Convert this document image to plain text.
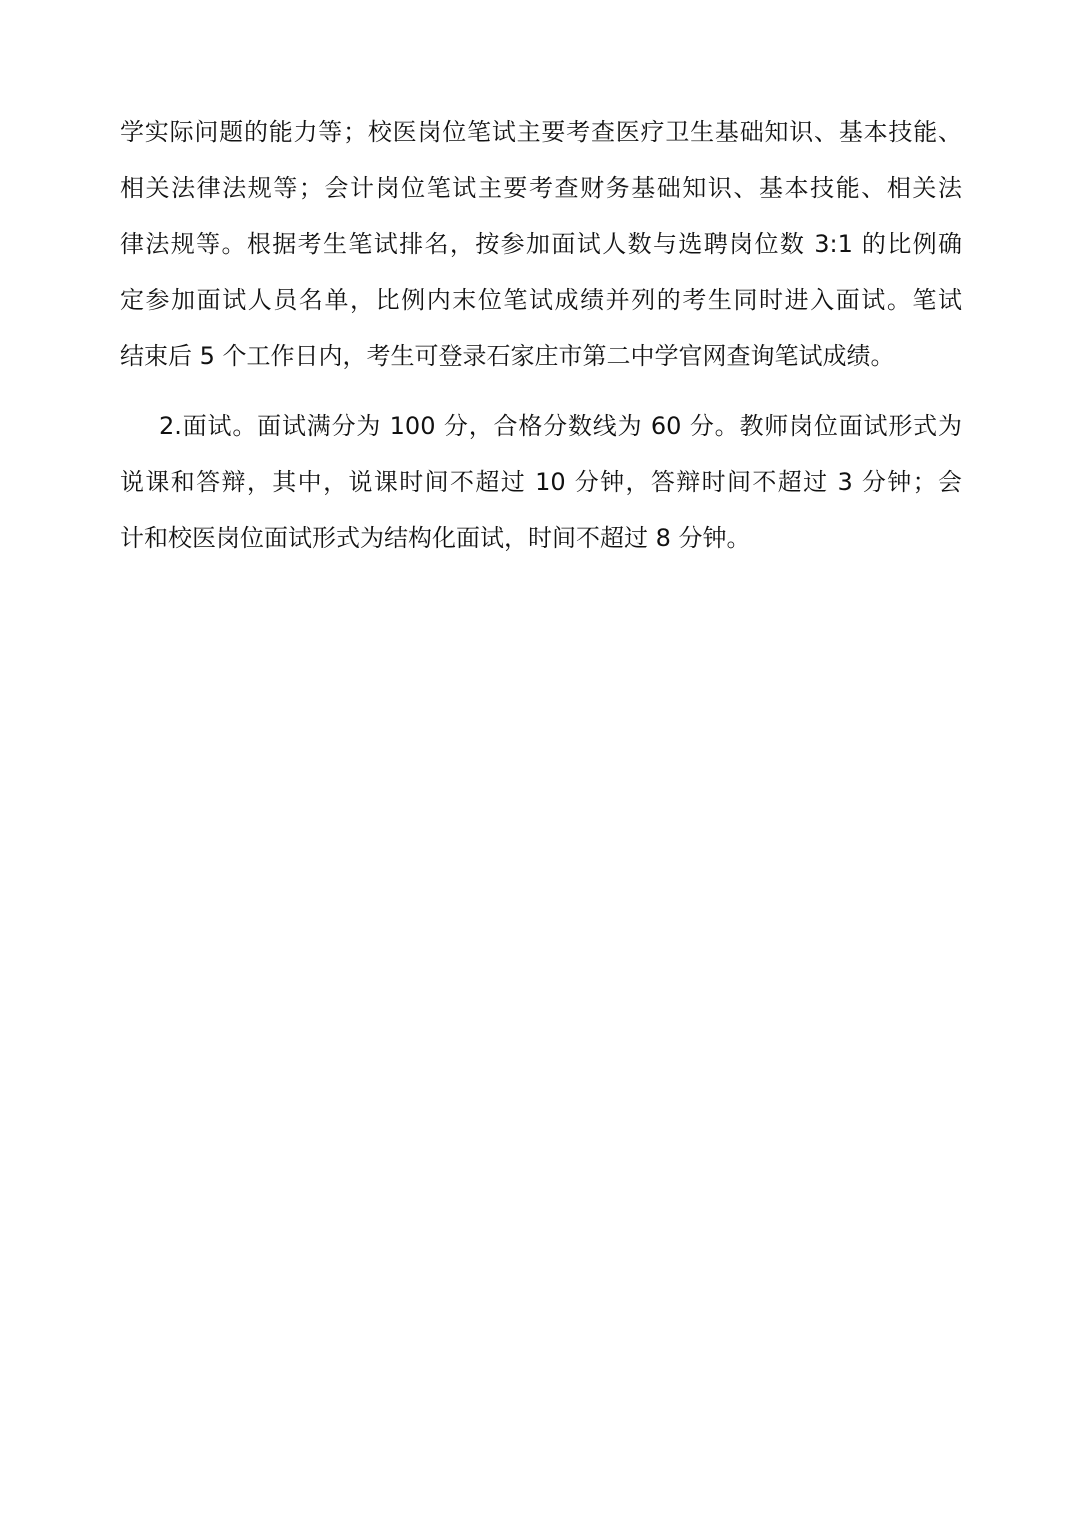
学实际问题的能力等；校医岗位笔试主要考查医疗卫生基础知识、基本技能、
相关法律法规等；会计岗位笔试主要考查财务基础知识、基本技能、相关法
律法规等。根据考生笔试排名，按参加面试人数与选聘岗位数 3:1 的比例确
定参加面试人员名单，比例内末位笔试成绩并列的考生同时进入面试。笔试
结束后 5 个工作日内，考生可登录石家庄市第二中学官网查询笔试成绩。
2.面试。面试满分为 100 分，合格分数线为 60 分。教师岗位面试形式为
说课和答辩，其中，说课时间不超过 10 分钟，答辩时间不超过 3 分钟；会
计和校医岗位面试形式为结构化面试，时间不超过 8 分钟。
